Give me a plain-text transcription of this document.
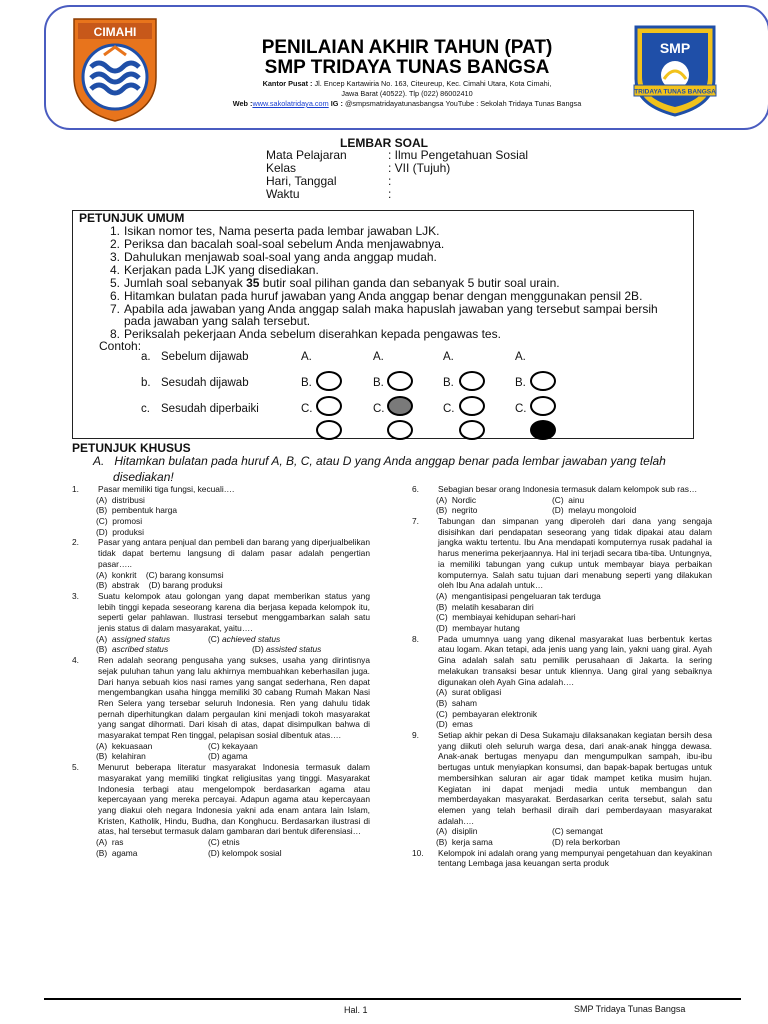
CIMAHI
PENILAIAN AKHIR TAHUN (PAT)
SMP TRIDAYA TUNAS BANGSA
Kantor Pusat : Jl. Encep Kartawiria No. 163, Citeureup, Kec. Cimahi Utara, Kota Cimahi,
Jawa Barat (40522). Tlp (022) 86002410
Web :www.sakolatridaya.com IG : @smpsmatridayatunasbangsa YouTube : Sekolah Tridaya Tunas Bangsa
SMP
TRIDAYA TUNAS BANGSA
LEMBAR SOAL
Mata Pelajaran	: Ilmu Pengetahuan Sosial
Kelas	: VII (Tujuh)
Hari, Tanggal	:
Waktu	:
PETUNJUK UMUM
1. Isikan nomor tes, Nama peserta pada lembar jawaban LJK.
2. Periksa dan bacalah soal-soal sebelum Anda menjawabnya.
3. Dahulukan menjawab soal-soal yang anda anggap mudah.
4. Kerjakan pada LJK yang disediakan.
5. Jumlah soal sebanyak 35 butir soal pilihan ganda dan sebanyak 5 butir soal urain.
6. Hitamkan bulatan pada huruf jawaban yang Anda anggap benar dengan menggunakan pensil 2B.
7. Apabila ada jawaban yang Anda anggap salah maka hapuslah jawaban yang tersebut sampai bersih
pada jawaban yang salah tersebut.
8. Periksalah pekerjaan Anda sebelum diserahkan kepada pengawas tes.
Contoh:
a. Sebelum dijawab	A.	A.	A.	A.
b. Sesudah dijawab	B.	B.	B.	B.
c. Sesudah diperbaiki	C.	C.	C.	C.
PETUNJUK KHUSUS
A. Hitamkan bulatan pada huruf A, B, C, atau D yang Anda anggap benar pada lembar jawaban yang telah
disediakan!
1. Pasar memiliki tiga fungsi, kecuali….
(A) distribusi
(B) pembentuk harga
(C) promosi
(D) produksi
2. Pasar yang antara penjual dan pembeli dan barang yang diperjualbelikan tidak dapat bertemu langsung di dalam pasar adalah pengertian pasar…..
(A) konkrit (C) barang konsumsi
(B) abstrak (D) barang produksi
3. Suatu kelompok atau golongan yang dapat memberikan status yang lebih tinggi kepada seseorang karena dia berjasa kepada kelompok itu, seperti gelar pahlawan. Ilustrasi tersebut menggambarkan salah satu jenis status di dalam masyarakat, yaitu….
(A) assigned status	(C) achieved status
(B) ascribed status	(D) assisted status
4. Ren adalah seorang pengusaha yang sukses, usaha yang dirintisnya sejak puluhan tahun yang lalu akhirnya membuahkan keberhasilan juga. Dari hanya sebuah kios nasi rames yang sangat sederhana, Ren dapat mengembangkan usaha hingga memiliki 30 cabang Rumah Makan Nasi Ren Selera yang tersebar seluruh Indonesia. Ren yang dahulu tidak pernah diperhitungkan dalam pergaulan kini menjadi tokoh masyarakat yang sangat dihormati. Dari kisah di atas, dapat disimpulkan bahwa di masyarakat tempat Ren tinggal, pelapisan sosial dibentuk atas….
(A) kekuasaan	(C) kekayaan
(B) kelahiran	(D) agama
5. Menurut beberapa literatur masyarakat Indonesia termasuk dalam masyarakat yang memiliki tingkat religiusitas yang tinggi. Masyarakat Indonesia terbagi atau mengelompok berdasarkan agama atau kepercayaan yang mereka percayai. Adapun agama atau kepercayaan yang diakui oleh negara Indonesia yakni ada enam antara lain Islam, Kristen, Katholik, Hindu, Budha, dan Konghucu. Berdasarkan ilustrasi di atas, hal tersebut termasuk dalam gambaran dari bentuk diferensiasi…
(A) ras	(C) etnis
(B) agama	(D) kelompok sosial
6. Sebagian besar orang Indonesia termasuk dalam kelompok sub ras…
(A) Nordic	(C) ainu
(B) negrito	(D) melayu mongoloid
7. Tabungan dan simpanan yang diperoleh dari dana yang sengaja disisihkan dari pendapatan seseorang yang tidak dipakai atau dalam jangka waktu tertentu. Ibu Ana mendapati komputernya rusak padahal ia harus menerima pekerjaannya. Hal ini terjadi secara tiba-tiba. Untungnya, ia memiliki tabungan yang cukup untuk membayar biaya perbaikan komputernya. Salah satu tujuan dari menabung seperti yang dilakukan oleh Ibu Ana adalah untuk…
(A) mengantisipasi pengeluaran tak terduga
(B) melatih kesabaran diri
(C) membiayai kehidupan sehari-hari
(D) membayar hutang
8. Pada umumnya uang yang dikenal masyarakat luas berbentuk kertas atau logam. Akan tetapi, ada jenis uang yang lain, yakni uang giral. Ayah Gina adalah salah satu pemilik perusahaan di Jakarta. Ia sering melakukan transaksi besar untuk kliennya. Uang giral yang sebaiknya digunakan oleh Ayah Gina adalah….
(A) surat obligasi
(B) saham
(C) pembayaran elektronik
(D) emas
9. Setiap akhir pekan di Desa Sukamaju dilaksanakan kegiatan bersih desa yang diikuti oleh seluruh warga desa, dari anak-anak hingga dewasa. Anak-anak bertugas menyapu dan mengumpulkan sampah, ibu-ibu bertugas untuk menyiapkan konsumsi, dan bapak-bapak bertugas untuk membersihkan saluran air agar tidak mampet ketika musim hujan. Kegiatan ini dapat menjadi media untuk membangun dan memberdayakan masyarakat. Berdasarkan cerita tersebut, salah satu elemen yang telah berhasil diraih dari pemberdayaan masyarakat adalah….
(A) disiplin	(C) semangat
(B) kerja sama	(D) rela berkorban
10. Kelompok ini adalah orang yang mempunyai pengetahuan dan keyakinan tentang Lembaga jasa keuangan serta produk
Hal. 1	SMP Tridaya Tunas Bangsa
